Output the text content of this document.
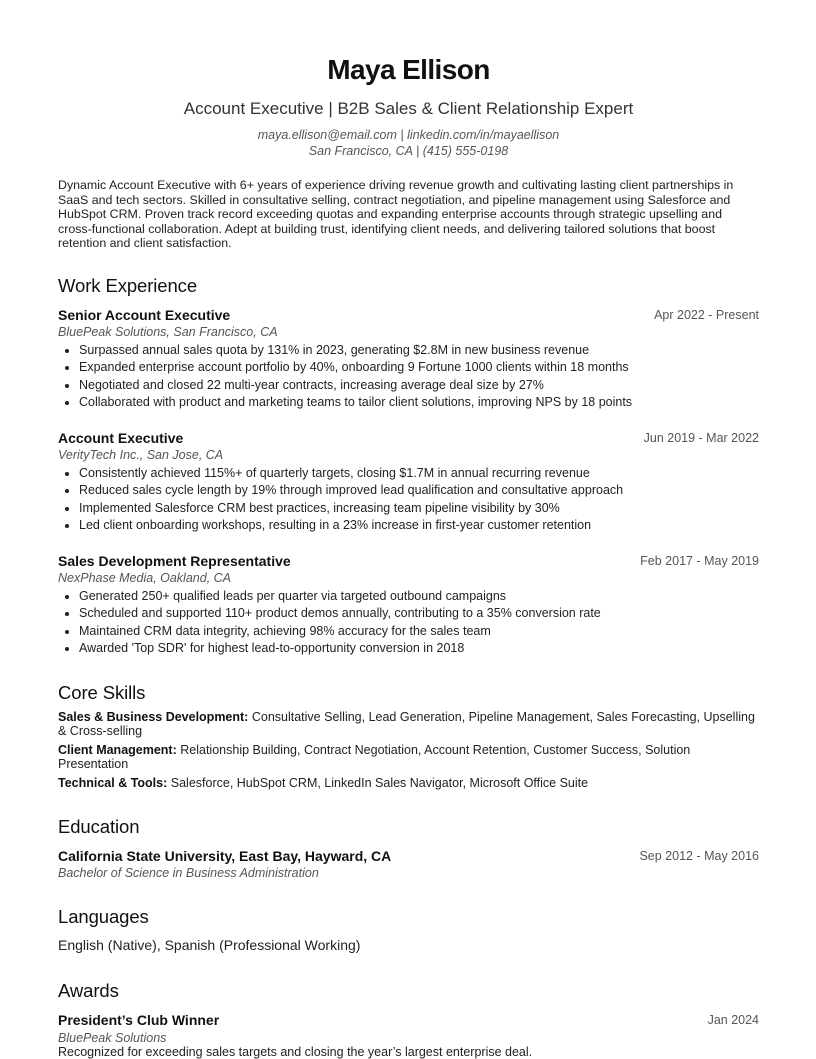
Maya Ellison
Account Executive | B2B Sales & Client Relationship Expert
maya.ellison@email.com | linkedin.com/in/mayaellison
San Francisco, CA | (415) 555-0198
Dynamic Account Executive with 6+ years of experience driving revenue growth and cultivating lasting client partnerships in SaaS and tech sectors. Skilled in consultative selling, contract negotiation, and pipeline management using Salesforce and HubSpot CRM. Proven track record exceeding quotas and expanding enterprise accounts through strategic upselling and cross-functional collaboration. Adept at building trust, identifying client needs, and delivering tailored solutions that boost retention and client satisfaction.
Work Experience
Senior Account Executive	Apr 2022 - Present
BluePeak Solutions, San Francisco, CA
Surpassed annual sales quota by 131% in 2023, generating $2.8M in new business revenue
Expanded enterprise account portfolio by 40%, onboarding 9 Fortune 1000 clients within 18 months
Negotiated and closed 22 multi-year contracts, increasing average deal size by 27%
Collaborated with product and marketing teams to tailor client solutions, improving NPS by 18 points
Account Executive	Jun 2019 - Mar 2022
VerityTech Inc., San Jose, CA
Consistently achieved 115%+ of quarterly targets, closing $1.7M in annual recurring revenue
Reduced sales cycle length by 19% through improved lead qualification and consultative approach
Implemented Salesforce CRM best practices, increasing team pipeline visibility by 30%
Led client onboarding workshops, resulting in a 23% increase in first-year customer retention
Sales Development Representative	Feb 2017 - May 2019
NexPhase Media, Oakland, CA
Generated 250+ qualified leads per quarter via targeted outbound campaigns
Scheduled and supported 110+ product demos annually, contributing to a 35% conversion rate
Maintained CRM data integrity, achieving 98% accuracy for the sales team
Awarded 'Top SDR' for highest lead-to-opportunity conversion in 2018
Core Skills
Sales & Business Development: Consultative Selling, Lead Generation, Pipeline Management, Sales Forecasting, Upselling & Cross-selling
Client Management: Relationship Building, Contract Negotiation, Account Retention, Customer Success, Solution Presentation
Technical & Tools: Salesforce, HubSpot CRM, LinkedIn Sales Navigator, Microsoft Office Suite
Education
California State University, East Bay, Hayward, CA	Sep 2012 - May 2016
Bachelor of Science in Business Administration
Languages
English (Native), Spanish (Professional Working)
Awards
President’s Club Winner	Jan 2024
BluePeak Solutions
Recognized for exceeding sales targets and closing the year’s largest enterprise deal.
